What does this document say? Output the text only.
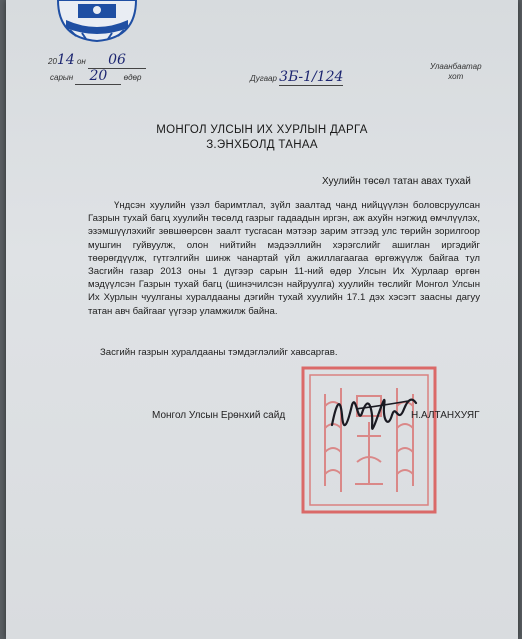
2014 он 06
сарын 20 өдөр	Дугаар 3Б-1/124
Улаанбаатар
хот
МОНГОЛ УЛСЫН ИХ ХУРЛЫН ДАРГА
З.ЭНХБОЛД ТАНАА
Хуулийн төсөл татан авах тухай
Үндсэн хуулийн үзэл баримтлал, зүйл заалтад чанд нийцүүлэн боловсруулсан Газрын тухай багц хуулийн төсөлд газрыг гадаадын иргэн, аж ахуйн нэгжид өмчлүүлэх, эзэмшүүлэхийг зөвшөөрсөн заалт тусгасан мэтээр зарим этгээд улс төрийн зорилгоор мушгин гуйвуулж, олон нийтийн мэдээллийн хэрэгслийг ашиглан иргэдийг төөрөгдүүлж, гүтгэлгийн шинж чанартай үйл ажиллагаагаа өргөжүүлж байгаа тул Засгийн газар 2013 оны 1 дүгээр сарын 11-ний өдөр Улсын Их Хурлаар өргөн мэдүүлсэн Газрын тухай багц (шинэчилсэн найруулга) хуулийн төслийг Монгол Улсын Их Хурлын чуулганы хуралдааны дэгийн тухай хуулийн 17.1 дэх хэсэгт заасны дагуу татан авч байгааг үүгээр уламжилж байна.
Засгийн газрын хуралдааны тэмдэглэлийг хавсаргав.
Монгол Улсын Ерөнхий сайд	Н.АЛТАНХУЯГ
